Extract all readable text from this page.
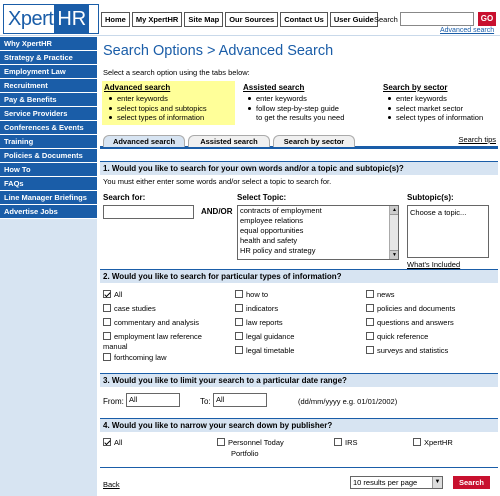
Xpert HR	Home	My XpertHR	Site Map	Our Sources	Contact Us	User Guide Search	GO
Advanced search
Why XpertHR
Strategy & Practice
Employment Law
Recruitment
Pay & Benefits
Service Providers
Conferences & Events
Training
Policies & Documents
How To
FAQs
Line Manager Briefings
Advertise Jobs
Search Options > Advanced Search
Select a search option using the tabs below:
Advanced search
enter keywords
select topics and subtopics
select types of information
Assisted search
enter keywords
follow step-by-step guide
to get the results you need
Search by sector
enter keywords
select market sector
select types of information
Advanced search	Assisted search	Search by sector	Search tips
1. Would you like to search for your own words and/or a topic and subtopic(s)?
You must either enter some words and/or select a topic to search for.
Search for:
AND/OR
Select Topic:
contracts of employment
employee relations
equal opportunities
health and safety
HR policy and strategy
▲
▼
Subtopic(s):
Choose a topic...
What's Included
2. Would you like to search for particular types of information?
All
case studies
commentary and analysis
employment law reference
manual
forthcoming law
how to
indicators
law reports
legal guidance
legal timetable
news
policies and documents
questions and answers
quick reference
surveys and statistics
3. Would you like to limit your search to a particular date range?
From: All	To: All	(dd/mm/yyyy e.g. 01/01/2002)
4. Would you like to narrow your search down by publisher?
All	Personnel Today
Portfolio
IRS	XpertHR
Back	10 results per page	▼	Search
